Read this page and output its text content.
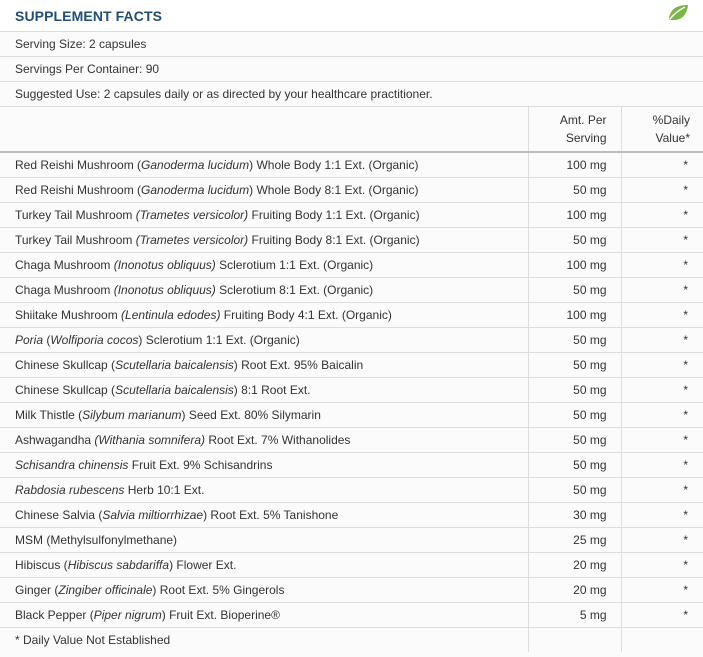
SUPPLEMENT FACTS
Serving Size: 2 capsules
Servings Per Container: 90
Suggested Use: 2 capsules daily or as directed by your healthcare practitioner.
	Amt. Per
Serving	%Daily
Value*
Red Reishi Mushroom (Ganoderma lucidum) Whole Body 1:1 Ext. (Organic)	100 mg	*
Red Reishi Mushroom (Ganoderma lucidum) Whole Body 8:1 Ext. (Organic)	50 mg	*
Turkey Tail Mushroom (Trametes versicolor) Fruiting Body 1:1 Ext. (Organic)	100 mg	*
Turkey Tail Mushroom (Trametes versicolor) Fruiting Body 8:1 Ext. (Organic)	50 mg	*
Chaga Mushroom (Inonotus obliquus) Sclerotium 1:1 Ext. (Organic)	100 mg	*
Chaga Mushroom (Inonotus obliquus) Sclerotium 8:1 Ext. (Organic)	50 mg	*
Shiitake Mushroom (Lentinula edodes) Fruiting Body 4:1 Ext. (Organic)	100 mg	*
Poria (Wolfiporia cocos) Sclerotium 1:1 Ext. (Organic)	50 mg	*
Chinese Skullcap (Scutellaria baicalensis) Root Ext. 95% Baicalin	50 mg	*
Chinese Skullcap (Scutellaria baicalensis) 8:1 Root Ext.	50 mg	*
Milk Thistle (Silybum marianum) Seed Ext. 80% Silymarin	50 mg	*
Ashwagandha (Withania somnifera) Root Ext. 7% Withanolides	50 mg	*
Schisandra chinensis Fruit Ext. 9% Schisandrins	50 mg	*
Rabdosia rubescens Herb 10:1 Ext.	50 mg	*
Chinese Salvia (Salvia miltiorrhizae) Root Ext. 5% Tanishone	30 mg	*
MSM (Methylsulfonylmethane)	25 mg	*
Hibiscus (Hibiscus sabdariffa) Flower Ext.	20 mg	*
Ginger (Zingiber officinale) Root Ext. 5% Gingerols	20 mg	*
Black Pepper (Piper nigrum) Fruit Ext. Bioperine®	5 mg	*
* Daily Value Not Established		
